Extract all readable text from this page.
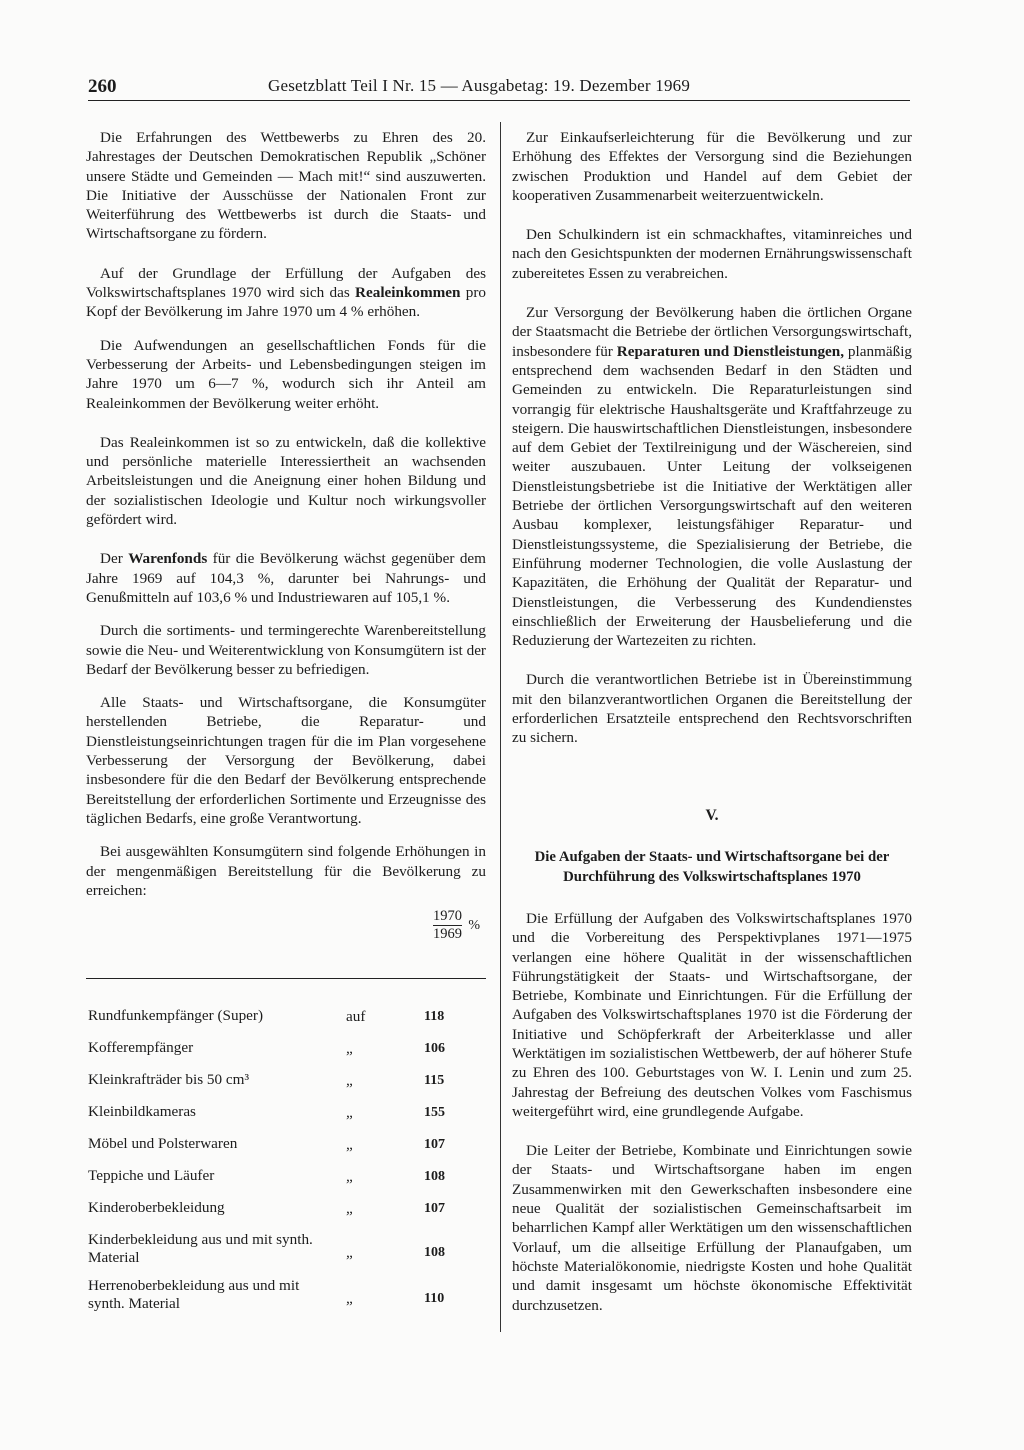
260	Gesetzblatt Teil I Nr. 15 — Ausgabetag: 19. Dezember 1969

Die Erfahrungen des Wettbewerbs zu Ehren des 20. Jahrestages der Deutschen Demokratischen Republik „Schöner unsere Städte und Gemeinden — Mach mit!“ sind auszuwerten. Die Initiative der Ausschüsse der Nationalen Front zur Weiterführung des Wettbewerbs ist durch die Staats- und Wirtschaftsorgane zu fördern.

Auf der Grundlage der Erfüllung der Aufgaben des Volkswirtschaftsplanes 1970 wird sich das Realeinkommen pro Kopf der Bevölkerung im Jahre 1970 um 4 % erhöhen.

Die Aufwendungen an gesellschaftlichen Fonds für die Verbesserung der Arbeits- und Lebensbedingungen steigen im Jahre 1970 um 6—7 %, wodurch sich ihr Anteil am Realeinkommen der Bevölkerung weiter erhöht.

Das Realeinkommen ist so zu entwickeln, daß die kollektive und persönliche materielle Interessiertheit an wachsenden Arbeitsleistungen und die Aneignung einer hohen Bildung und der sozialistischen Ideologie und Kultur noch wirkungsvoller gefördert wird.

Der Warenfonds für die Bevölkerung wächst gegenüber dem Jahre 1969 auf 104,3 %, darunter bei Nahrungs- und Genußmitteln auf 103,6 % und Industriewaren auf 105,1 %.

Durch die sortiments- und termingerechte Warenbereitstellung sowie die Neu- und Weiterentwicklung von Konsumgütern ist der Bedarf der Bevölkerung besser zu befriedigen.

Alle Staats- und Wirtschaftsorgane, die Konsumgüter herstellenden Betriebe, die Reparatur- und Dienstleistungseinrichtungen tragen für die im Plan vorgesehene Verbesserung der Versorgung der Bevölkerung, dabei insbesondere für die den Bedarf der Bevölkerung entsprechende Bereitstellung der erforderlichen Sortimente und Erzeugnisse des täglichen Bedarfs, eine große Verantwortung.

Bei ausgewählten Konsumgütern sind folgende Erhöhungen in der mengenmäßigen Bereitstellung für die Bevölkerung zu erreichen:

$\frac{1970}{1969}$ %
Rundfunkempfänger (Super)	auf	118
Kofferempfänger	„	106
Kleinkrafträder bis 50 cm³	„	115
Kleinbildkameras	„	155
Möbel und Polsterwaren	„	107
Teppiche und Läufer	„	108
Kinderoberbekleidung	„	107
Kinderbekleidung aus und mit synth. Material	„	108
Herrenoberbekleidung aus und mit synth. Material	„	110

Zur Einkaufserleichterung für die Bevölkerung und zur Erhöhung des Effektes der Versorgung sind die Beziehungen zwischen Produktion und Handel auf dem Gebiet der kooperativen Zusammenarbeit weiterzuentwickeln.

Den Schulkindern ist ein schmackhaftes, vitaminreiches und nach den Gesichtspunkten der modernen Ernährungswissenschaft zubereitetes Essen zu verabreichen.

Zur Versorgung der Bevölkerung haben die örtlichen Organe der Staatsmacht die Betriebe der örtlichen Versorgungswirtschaft, insbesondere für Reparaturen und Dienstleistungen, planmäßig entsprechend dem wachsenden Bedarf in den Städten und Gemeinden zu entwickeln. Die Reparaturleistungen sind vorrangig für elektrische Haushaltsgeräte und Kraftfahrzeuge zu steigern. Die hauswirtschaftlichen Dienstleistungen, insbesondere auf dem Gebiet der Textilreinigung und der Wäschereien, sind weiter auszubauen. Unter Leitung der volkseigenen Dienstleistungsbetriebe ist die Initiative der Werktätigen aller Betriebe der örtlichen Versorgungswirtschaft auf den weiteren Ausbau komplexer, leistungsfähiger Reparatur- und Dienstleistungssysteme, die Spezialisierung der Betriebe, die Einführung moderner Technologien, die volle Auslastung der Kapazitäten, die Erhöhung der Qualität der Reparatur- und Dienstleistungen, die Verbesserung des Kundendienstes einschließlich der Erweiterung der Hausbelieferung und die Reduzierung der Wartezeiten zu richten.

Durch die verantwortlichen Betriebe ist in Übereinstimmung mit den bilanzverantwortlichen Organen die Bereitstellung der erforderlichen Ersatzteile entsprechend den Rechtsvorschriften zu sichern.

V.
Die Aufgaben der Staats- und Wirtschaftsorgane bei der Durchführung des Volkswirtschaftsplanes 1970

Die Erfüllung der Aufgaben des Volkswirtschaftsplanes 1970 und die Vorbereitung des Perspektivplanes 1971—1975 verlangen eine höhere Qualität in der wissenschaftlichen Führungstätigkeit der Staats- und Wirtschaftsorgane, der Betriebe, Kombinate und Einrichtungen. Für die Erfüllung der Aufgaben des Volkswirtschaftsplanes 1970 ist die Förderung der Initiative und Schöpferkraft der Arbeiterklasse und aller Werktätigen im sozialistischen Wettbewerb, der auf höherer Stufe zu Ehren des 100. Geburtstages von W. I. Lenin und zum 25. Jahrestag der Befreiung des deutschen Volkes vom Faschismus weitergeführt wird, eine grundlegende Aufgabe.

Die Leiter der Betriebe, Kombinate und Einrichtungen sowie der Staats- und Wirtschaftsorgane haben im engen Zusammenwirken mit den Gewerkschaften insbesondere eine neue Qualität der sozialistischen Gemeinschaftsarbeit im beharrlichen Kampf aller Werktätigen um den wissenschaftlichen Vorlauf, um die allseitige Erfüllung der Planaufgaben, um höchste Materialökonomie, niedrigste Kosten und hohe Qualität und damit insgesamt um höchste ökonomische Effektivität durchzusetzen.
